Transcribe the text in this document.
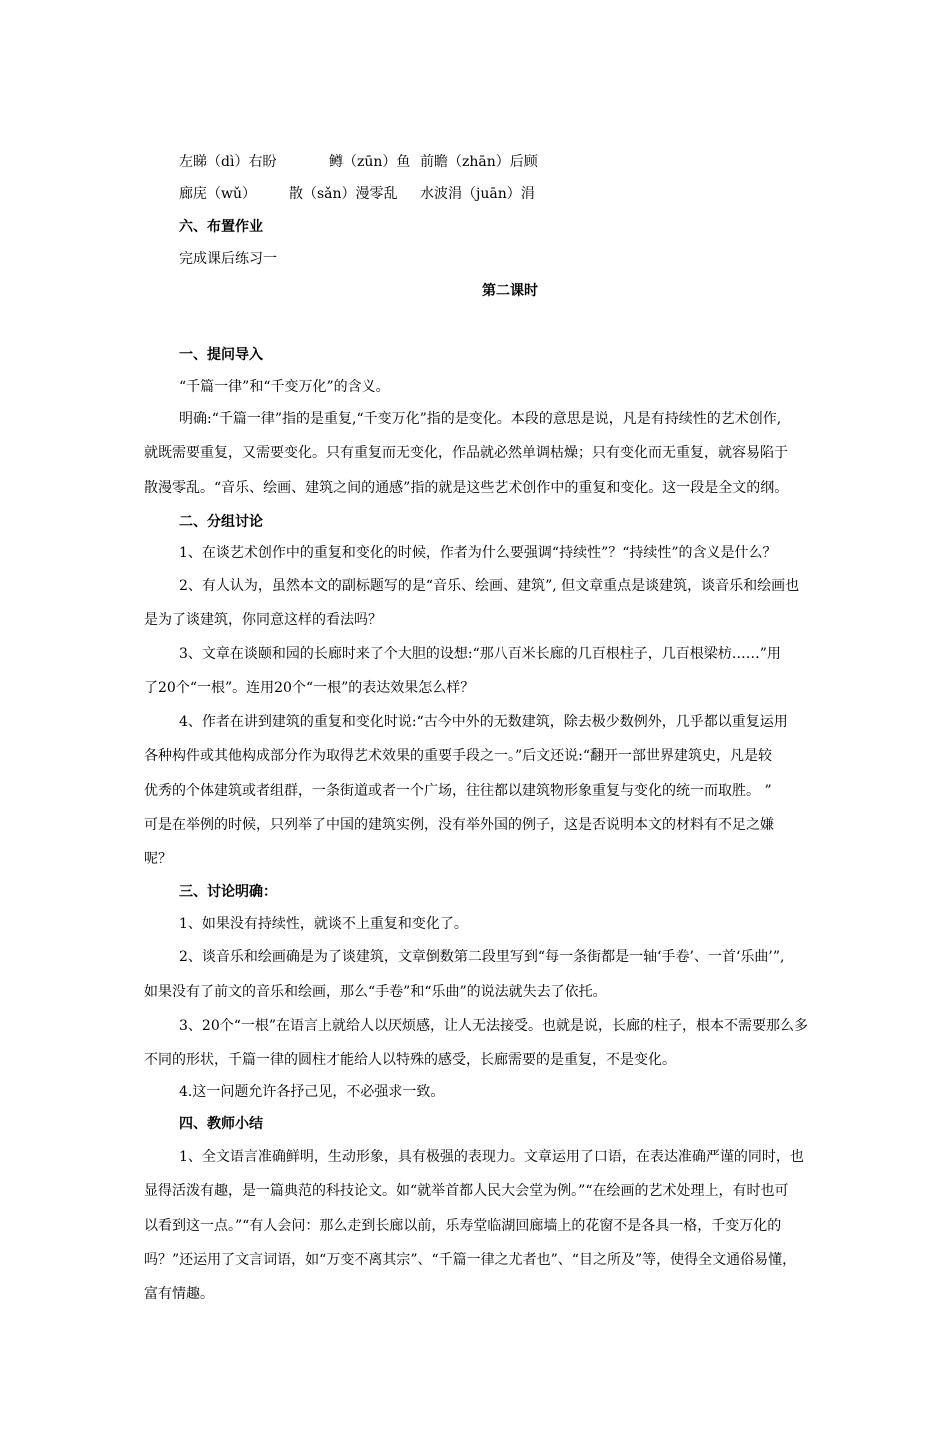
左睇（dì）右盼	鳟（zūn）鱼 前瞻（zhān）后顾
廊庑（wǔ） 散（sǎn）漫零乱 水波涓（juān）涓
六、布置作业
完成课后练习一
第二课时
一、提问导入
“千篇一律”和“千变万化”的含义。
明确:“千篇一律”指的是重复,“千变万化”指的是变化。本段的意思是说，凡是有持续性的艺术创作,
就既需要重复，又需要变化。只有重复而无变化，作品就必然单调枯燥；只有变化而无重复，就容易陷于
散漫零乱。“音乐、绘画、建筑之间的通感”指的就是这些艺术创作中的重复和变化。这一段是全文的纲。
二、分组讨论
1、在谈艺术创作中的重复和变化的时候，作者为什么要强调“持续性”？“持续性”的含义是什么？
2、有人认为，虽然本文的副标题写的是“音乐、绘画、建筑”, 但文章重点是谈建筑，谈音乐和绘画也
是为了谈建筑，你同意这样的看法吗？
3、文章在谈颐和园的长廊时来了个大胆的设想:“那八百米长廊的几百根柱子，几百根梁枋……”用
了20个“一根”。连用20个“一根”的表达效果怎么样？
4、作者在讲到建筑的重复和变化时说:“古今中外的无数建筑，除去极少数例外，几乎都以重复运用
各种构件或其他构成部分作为取得艺术效果的重要手段之一。”后文还说:“翻开一部世界建筑史，凡是较
优秀的个体建筑或者组群，一条街道或者一个广场，往往都以建筑物形象重复与变化的统一而取胜。 ”
可是在举例的时候，只列举了中国的建筑实例，没有举外国的例子，这是否说明本文的材料有不足之嫌
呢？
三、讨论明确：
1、如果没有持续性，就谈不上重复和变化了。
2、谈音乐和绘画确是为了谈建筑，文章倒数第二段里写到“每一条街都是一轴‘手卷’、一首‘乐曲’”,
如果没有了前文的音乐和绘画，那么“手卷”和“乐曲”的说法就失去了依托。
3、20个“一根”在语言上就给人以厌烦感，让人无法接受。也就是说，长廊的柱子，根本不需要那么多
不同的形状，千篇一律的圆柱才能给人以特殊的感受，长廊需要的是重复，不是变化。
4.这一问题允许各抒己见，不必强求一致。
四、教师小结
1、全文语言准确鲜明，生动形象，具有极强的表现力。文章运用了口语，在表达准确严谨的同时，也
显得活泼有趣，是一篇典范的科技论文。如“就举首都人民大会堂为例。”“在绘画的艺术处理上，有时也可
以看到这一点。”“有人会问：那么走到长廊以前，乐寿堂临湖回廊墙上的花窗不是各具一格，千变万化的
吗？”还运用了文言词语，如“万变不离其宗”、“千篇一律之尤者也”、“目之所及”等，使得全文通俗易懂，
富有情趣。
